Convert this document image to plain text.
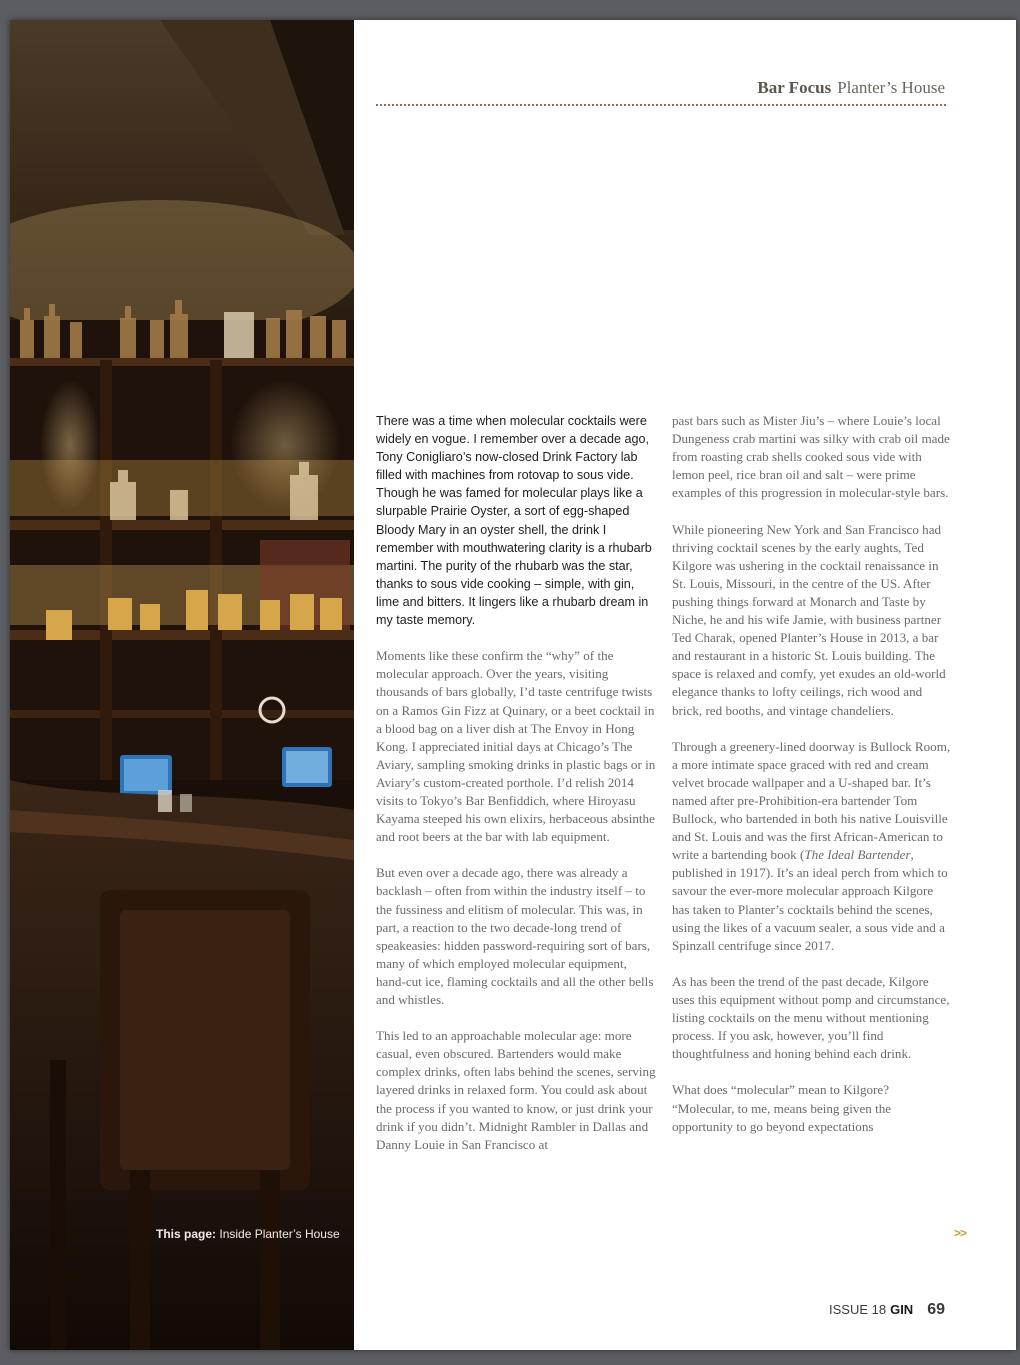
This page: Inside Planter’s House
Bar Focus Planter’s House

There was a time when molecular cocktails were widely en vogue. I remember over a decade ago, Tony Conigliaro’s now-closed Drink Factory lab filled with machines from rotovap to sous vide. Though he was famed for molecular plays like a slurpable Prairie Oyster, a sort of egg-shaped Bloody Mary in an oyster shell, the drink I remember with mouthwatering clarity is a rhubarb martini. The purity of the rhubarb was the star, thanks to sous vide cooking – simple, with gin, lime and bitters. It lingers like a rhubarb dream in my taste memory.

Moments like these confirm the “why” of the molecular approach. Over the years, visiting thousands of bars globally, I’d taste centrifuge twists on a Ramos Gin Fizz at Quinary, or a beet cocktail in a blood bag on a liver dish at The Envoy in Hong Kong. I appreciated initial days at Chicago’s The Aviary, sampling smoking drinks in plastic bags or in Aviary’s custom-created porthole. I’d relish 2014 visits to Tokyo’s Bar Benfiddich, where Hiroyasu Kayama steeped his own elixirs, herbaceous absinthe and root beers at the bar with lab equipment.

But even over a decade ago, there was already a backlash – often from within the industry itself – to the fussiness and elitism of molecular. This was, in part, a reaction to the two decade-long trend of speakeasies: hidden password-requiring sort of bars, many of which employed molecular equipment, hand-cut ice, flaming cocktails and all the other bells and whistles.

This led to an approachable molecular age: more casual, even obscured. Bartenders would make complex drinks, often labs behind the scenes, serving layered drinks in relaxed form. You could ask about the process if you wanted to know, or just drink your drink if you didn’t. Midnight Rambler in Dallas and Danny Louie in San Francisco at

past bars such as Mister Jiu’s – where Louie’s local Dungeness crab martini was silky with crab oil made from roasting crab shells cooked sous vide with lemon peel, rice bran oil and salt – were prime examples of this progression in molecular-style bars.

While pioneering New York and San Francisco had thriving cocktail scenes by the early aughts, Ted Kilgore was ushering in the cocktail renaissance in St. Louis, Missouri, in the centre of the US. After pushing things forward at Monarch and Taste by Niche, he and his wife Jamie, with business partner Ted Charak, opened Planter’s House in 2013, a bar and restaurant in a historic St. Louis building. The space is relaxed and comfy, yet exudes an old-world elegance thanks to lofty ceilings, rich wood and brick, red booths, and vintage chandeliers.

Through a greenery-lined doorway is Bullock Room, a more intimate space graced with red and cream velvet brocade wallpaper and a U-shaped bar. It’s named after pre-Prohibition-era bartender Tom Bullock, who bartended in both his native Louisville and St. Louis and was the first African-American to write a bartending book (The Ideal Bartender, published in 1917). It’s an ideal perch from which to savour the ever-more molecular approach Kilgore has taken to Planter’s cocktails behind the scenes, using the likes of a vacuum sealer, a sous vide and a Spinzall centrifuge since 2017.

As has been the trend of the past decade, Kilgore uses this equipment without pomp and circumstance, listing cocktails on the menu without mentioning process. If you ask, however, you’ll find thoughtfulness and honing behind each drink.

What does “molecular” mean to Kilgore? “Molecular, to me, means being given the opportunity to go beyond expectations

>>
ISSUE 18 GIN 69
